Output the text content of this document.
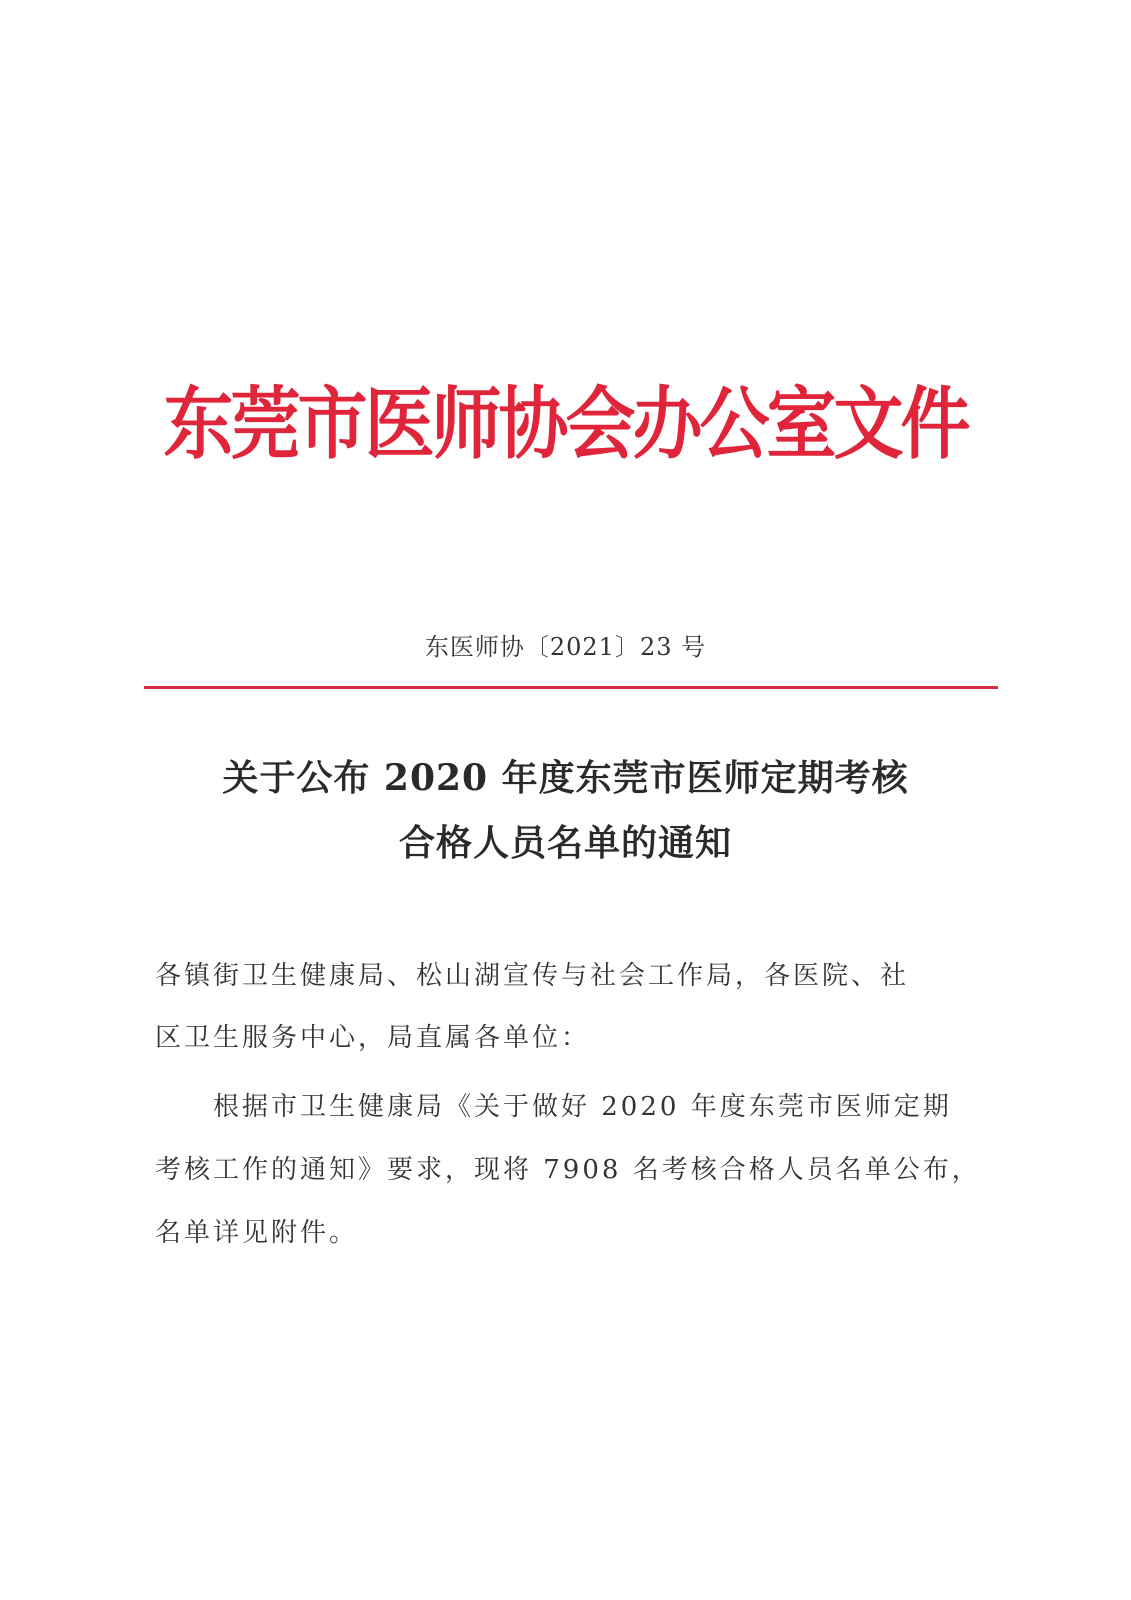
东莞市医师协会办公室文件
东医师协〔2021〕23 号
关于公布 2020 年度东莞市医师定期考核
合格人员名单的通知
各镇街卫生健康局、松山湖宣传与社会工作局，各医院、社
区卫生服务中心，局直属各单位：
根据市卫生健康局《关于做好 2020 年度东莞市医师定期
考核工作的通知》要求，现将 7908 名考核合格人员名单公布，
名单详见附件。
